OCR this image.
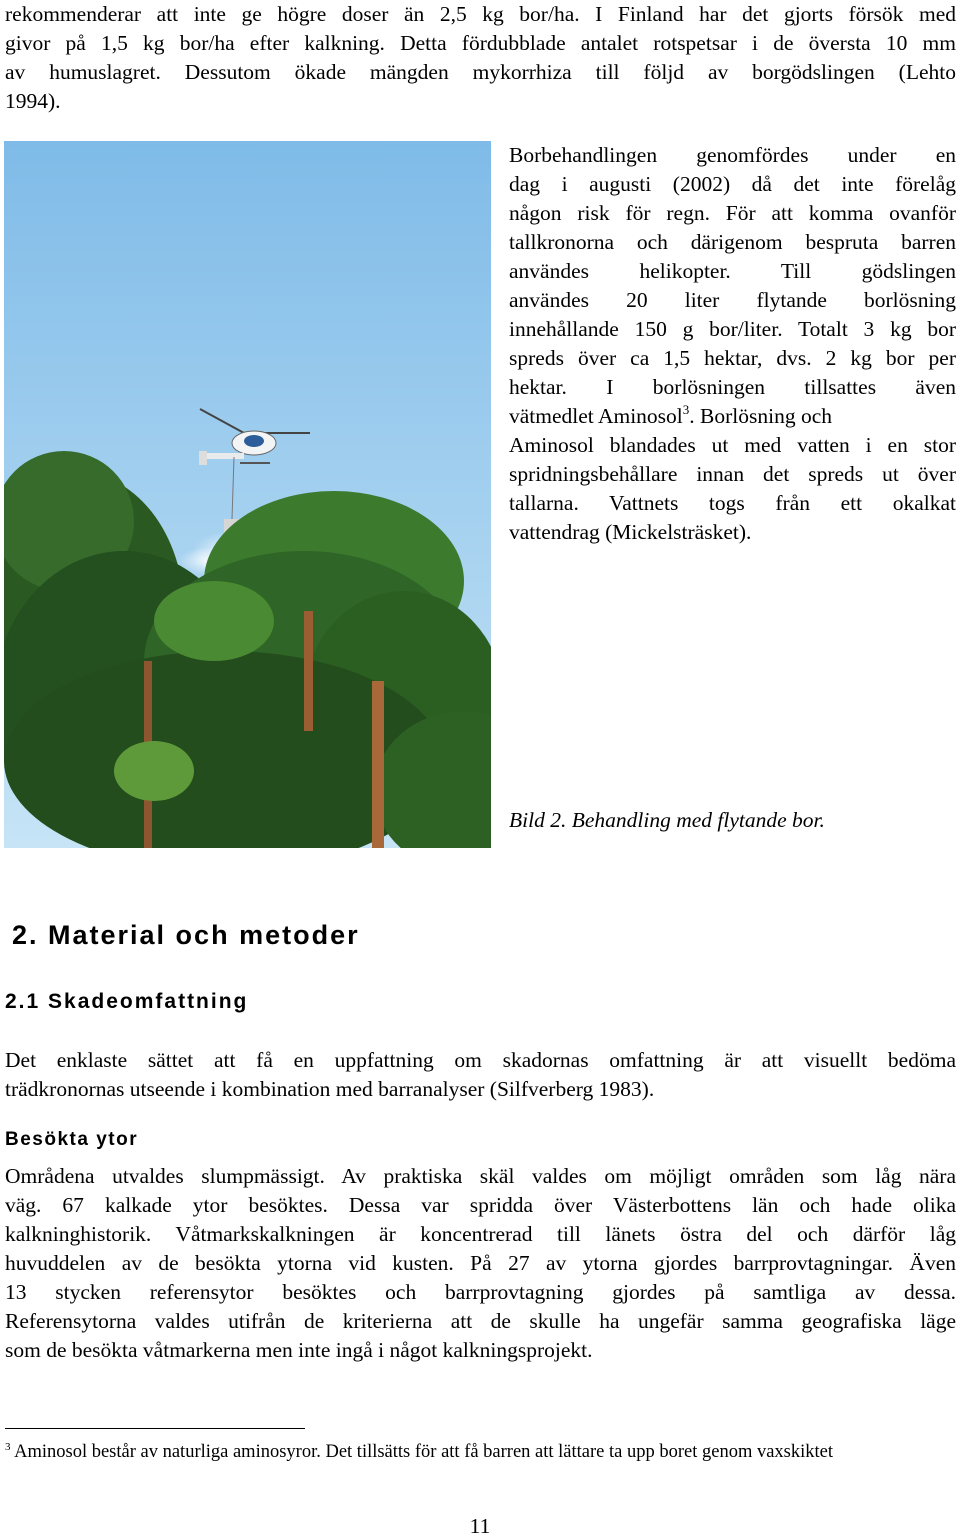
rekommenderar att inte ge högre doser än 2,5 kg bor/ha. I Finland har det gjorts försök med
givor på 1,5 kg bor/ha efter kalkning. Detta fördubblade antalet rotspetsar i de översta 10 mm
av humuslagret. Dessutom ökade mängden mykorrhiza till följd av borgödslingen (Lehto
1994).
Borbehandlingen genomfördes under en
dag i augusti (2002) då det inte förelåg
någon risk för regn. För att komma ovanför
tallkronorna och därigenom bespruta barren
användes helikopter. Till gödslingen
användes 20 liter flytande borlösning
innehållande 150 g bor/liter. Totalt 3 kg bor
spreds över ca 1,5 hektar, dvs. 2 kg bor per
hektar. I borlösningen tillsattes även
vätmedlet Aminosol$^3$. Borlösning och
Aminosol blandades ut med vatten i en stor
spridningsbehållare innan det spreds ut över
tallarna. Vattnets togs från ett okalkat
vattendrag (Mickelsträsket).
Bild 2. Behandling med flytande bor.
2. Material och metoder
2.1 Skadeomfattning
Det enklaste sättet att få en uppfattning om skadornas omfattning är att visuellt bedöma
trädkronornas utseende i kombination med barranalyser (Silfverberg 1983).
Besökta ytor
Områdena utvaldes slumpmässigt. Av praktiska skäl valdes om möjligt områden som låg nära
väg. 67 kalkade ytor besöktes. Dessa var spridda över Västerbottens län och hade olika
kalkninghistorik. Våtmarkskalkningen är koncentrerad till länets östra del och därför låg
huvuddelen av de besökta ytorna vid kusten. På 27 av ytorna gjordes barrprovtagningar. Även
13 stycken referensytor besöktes och barrprovtagning gjordes på samtliga av dessa.
Referensytorna valdes utifrån de kriterierna att de skulle ha ungefär samma geografiska läge
som de besökta våtmarkerna men inte ingå i något kalkningsprojekt.
$^3$ Aminosol består av naturliga aminosyror. Det tillsätts för att få barren att lättare ta upp boret genom vaxskiktet
11
